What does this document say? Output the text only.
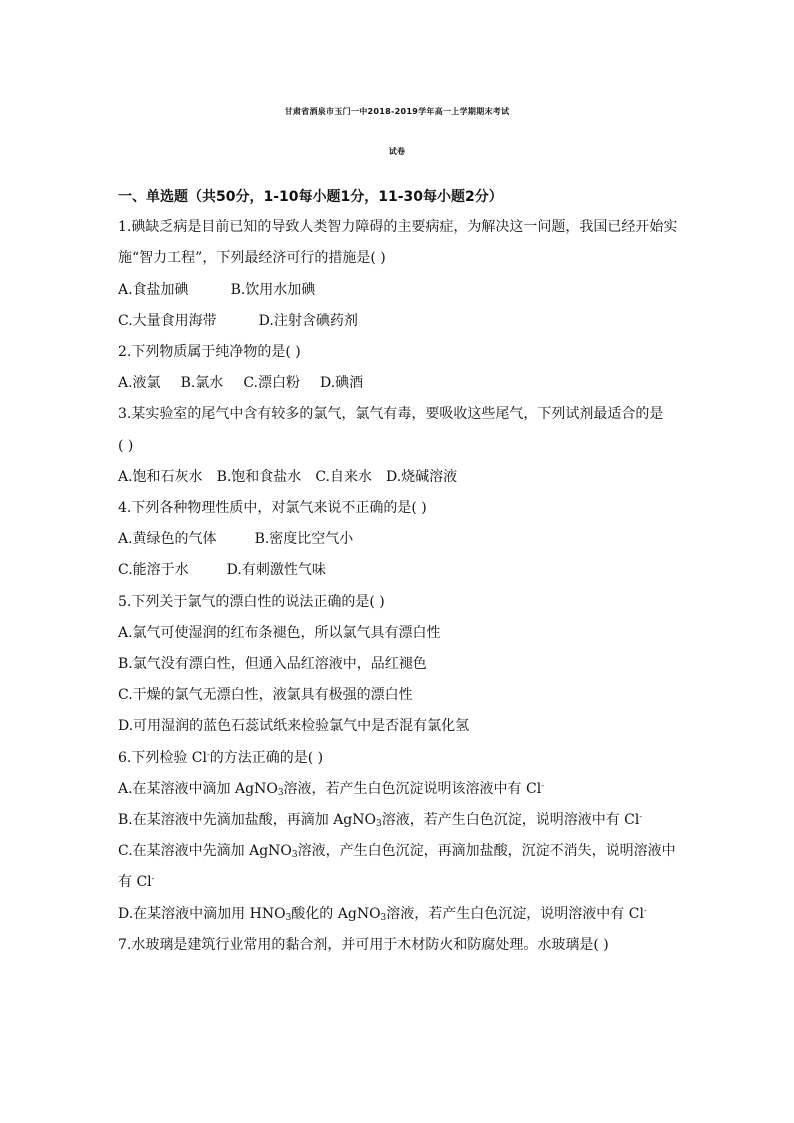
甘肃省酒泉市玉门一中2018-2019学年高一上学期期末考试
试卷
一、单选题（共50分，1-10每小题1分，11-30每小题2分）
1.碘缺乏病是目前已知的导致人类智力障碍的主要病症，为解决这一问题，我国已经开始实
施“智力工程”，下列最经济可行的措施是( )
A.食盐加碘	B.饮用水加碘
C.大量食用海带	D.注射含碘药剂
2.下列物质属于纯净物的是( )
A.液氯 B.氯水 C.漂白粉 D.碘酒
3.某实验室的尾气中含有较多的氯气，氯气有毒，要吸收这些尾气，下列试剂最适合的是
( )
A.饱和石灰水 B.饱和食盐水 C.自来水 D.烧碱溶液
4.下列各种物理性质中，对氯气来说不正确的是( )
A.黄绿色的气体	B.密度比空气小
C.能溶于水	D.有刺激性气味
5.下列关于氯气的漂白性的说法正确的是( )
A.氯气可使湿润的红布条褪色，所以氯气具有漂白性
B.氯气没有漂白性，但通入品红溶液中，品红褪色
C.干燥的氯气无漂白性，液氯具有极强的漂白性
D.可用湿润的蓝色石蕊试纸来检验氯气中是否混有氯化氢
6.下列检验 Cl-的方法正确的是( )
A.在某溶液中滴加 AgNO$_3$溶液，若产生白色沉淀说明该溶液中有 Cl-
B.在某溶液中先滴加盐酸，再滴加 AgNO$_3$溶液，若产生白色沉淀，说明溶液中有 Cl-
C.在某溶液中先滴加 AgNO$_3$溶液，产生白色沉淀，再滴加盐酸，沉淀不消失，说明溶液中
有 Cl-
D.在某溶液中滴加用 $HNO_3$酸化的 AgNO$_3$溶液，若产生白色沉淀，说明溶液中有 Cl-
7.水玻璃是建筑行业常用的黏合剂，并可用于木材防火和防腐处理。水玻璃是( )
